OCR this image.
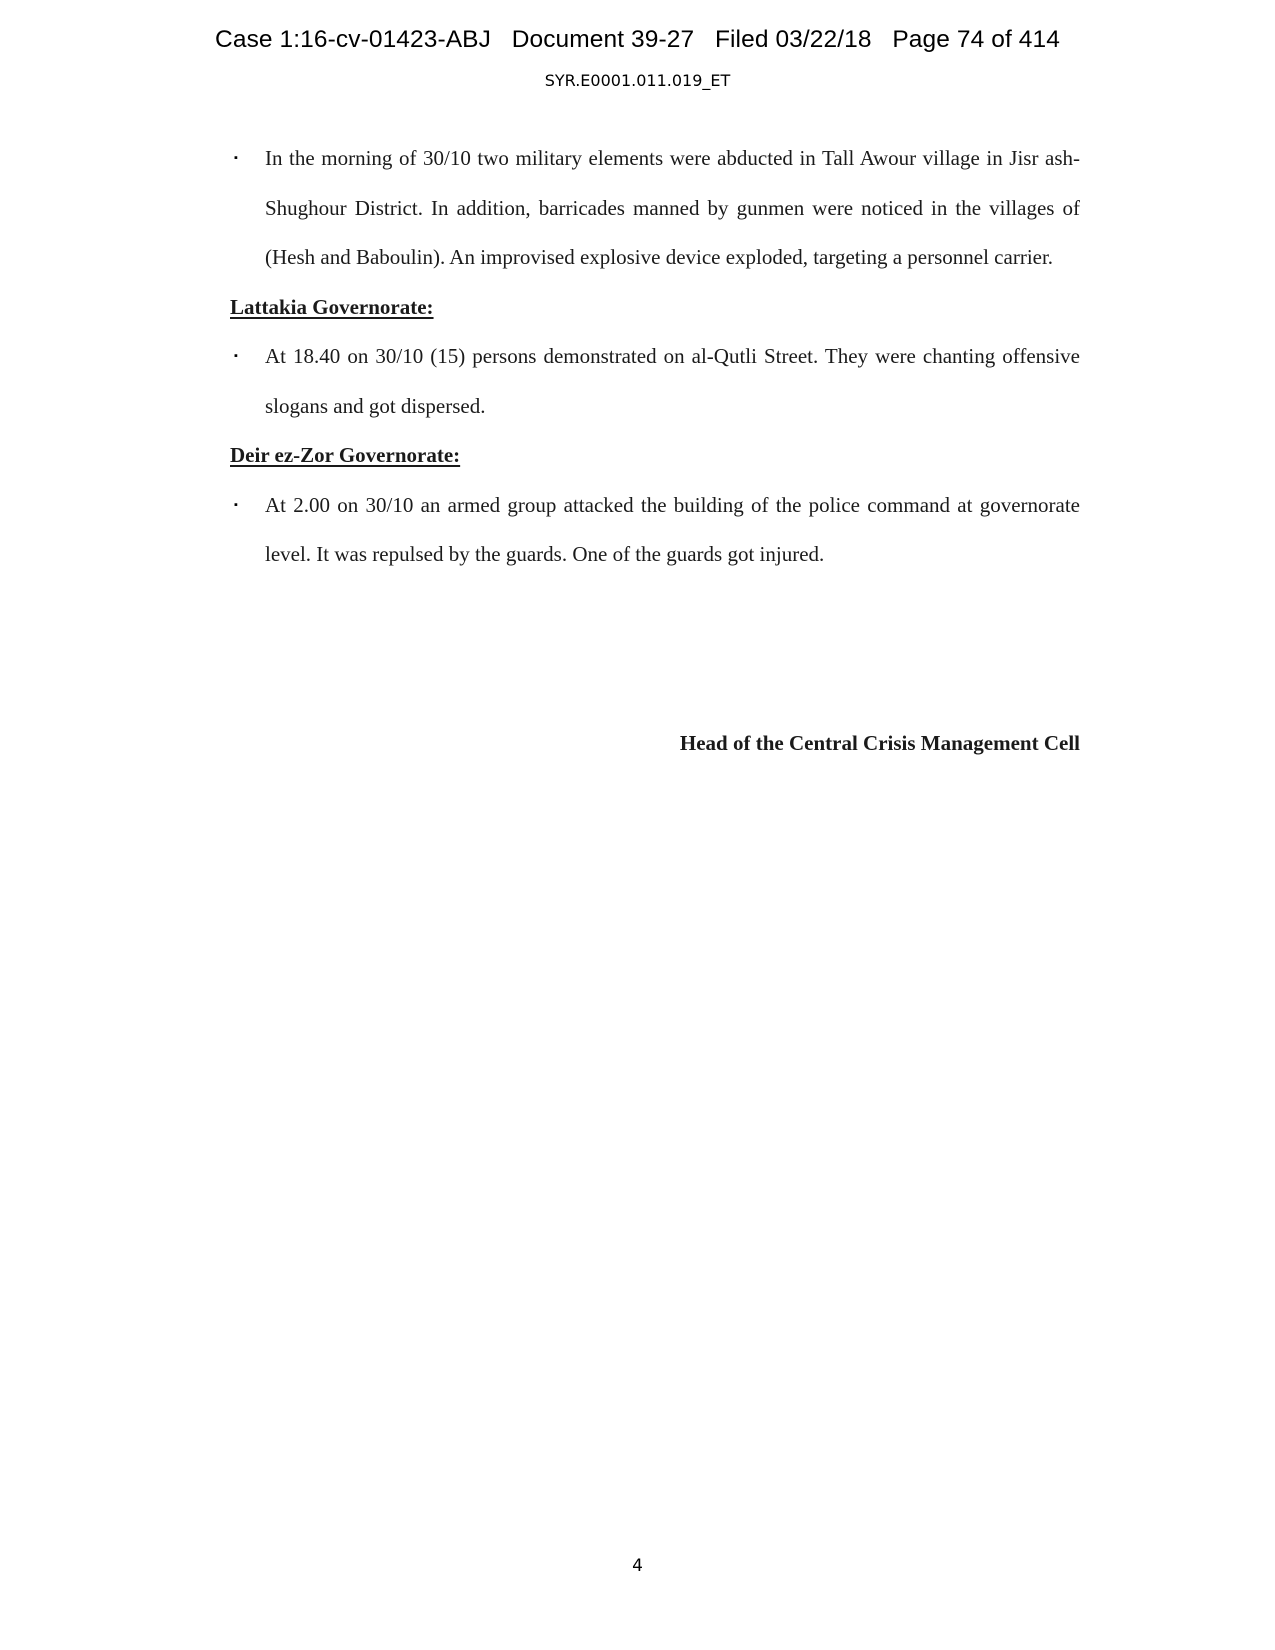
Case 1:16-cv-01423-ABJ   Document 39-27   Filed 03/22/18   Page 74 of 414
SYR.E0001.011.019_ET

▪ In the morning of 30/10 two military elements were abducted in Tall Awour village in Jisr ash-Shughour District. In addition, barricades manned by gunmen were noticed in the villages of (Hesh and Baboulin). An improvised explosive device exploded, targeting a personnel carrier.

Lattakia Governorate:

▪ At 18.40 on 30/10 (15) persons demonstrated on al-Qutli Street. They were chanting offensive slogans and got dispersed.

Deir ez-Zor Governorate:

▪ At 2.00 on 30/10 an armed group attacked the building of the police command at governorate level. It was repulsed by the guards. One of the guards got injured.

Head of the Central Crisis Management Cell
4
